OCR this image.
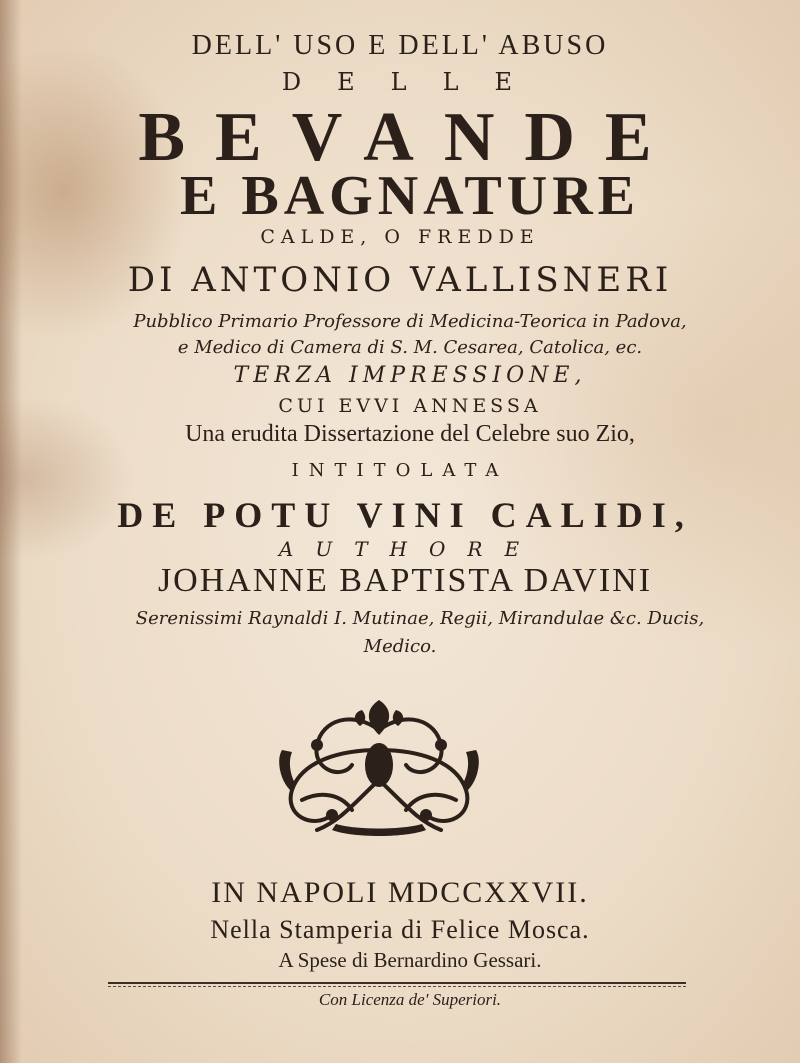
DELL' USO E DELL' ABUSO
DELLE
BEVANDE
E BAGNATURE
CALDE, O FREDDE
DI ANTONIO VALLISNERI
Pubblico Primario Professore di Medicina-Teorica in Padova,
e Medico di Camera di S. M. Cesarea, Catolica, ec.
TERZA IMPRESSIONE,
CUI EVVI ANNESSA
Una erudita Dissertazione del Celebre suo Zio,
INTITOLATA
DE POTU VINI CALIDI,
AUTHORE
JOHANNE BAPTISTA DAVINI
Serenissimi Raynaldi I. Mutinae, Regii, Mirandulae &c. Ducis,
Medico.
IN NAPOLI MDCCXXVII.
Nella Stamperia di Felice Mosca.
A Spese di Bernardino Gessari.
Con Licenza de' Superiori.
